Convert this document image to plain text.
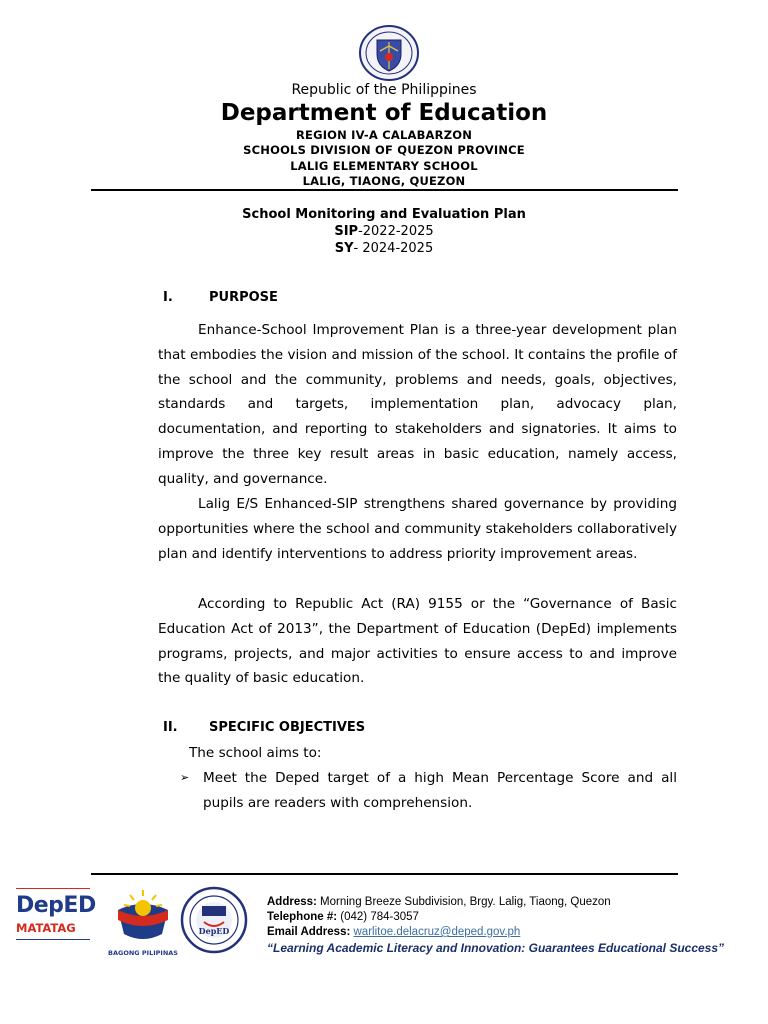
Republic of the Philippines
Department of Education
REGION IV-A CALABARZON
SCHOOLS DIVISION OF QUEZON PROVINCE
LALIG ELEMENTARY SCHOOL
LALIG, TIAONG, QUEZON
School Monitoring and Evaluation Plan
SIP-2022-2025
SY- 2024-2025
I.	PURPOSE
Enhance-School Improvement Plan is a three-year development plan that embodies the vision and mission of the school. It contains the profile of the school and the community, problems and needs, goals, objectives, standards and targets, implementation plan, advocacy plan, documentation, and reporting to stakeholders and signatories. It aims to improve the three key result areas in basic education, namely access, quality, and governance.
Lalig E/S Enhanced-SIP strengthens shared governance by providing opportunities where the school and community stakeholders collaboratively plan and identify interventions to address priority improvement areas.
According to Republic Act (RA) 9155 or the “Governance of Basic Education Act of 2013”, the Department of Education (DepEd) implements programs, projects, and major activities to ensure access to and improve the quality of basic education.
II. SPECIFIC OBJECTIVES
The school aims to:
➢ Meet the Deped target of a high Mean Percentage Score and all pupils are readers with comprehension.
DepED
MATATAG
BAGONG PILIPINAS
DepED
Address: Morning Breeze Subdivision, Brgy. Lalig, Tiaong, Quezon
Telephone #: (042) 784-3057
Email Address: warlitoe.delacruz@deped.gov.ph
“Learning Academic Literacy and Innovation: Guarantees Educational Success”
